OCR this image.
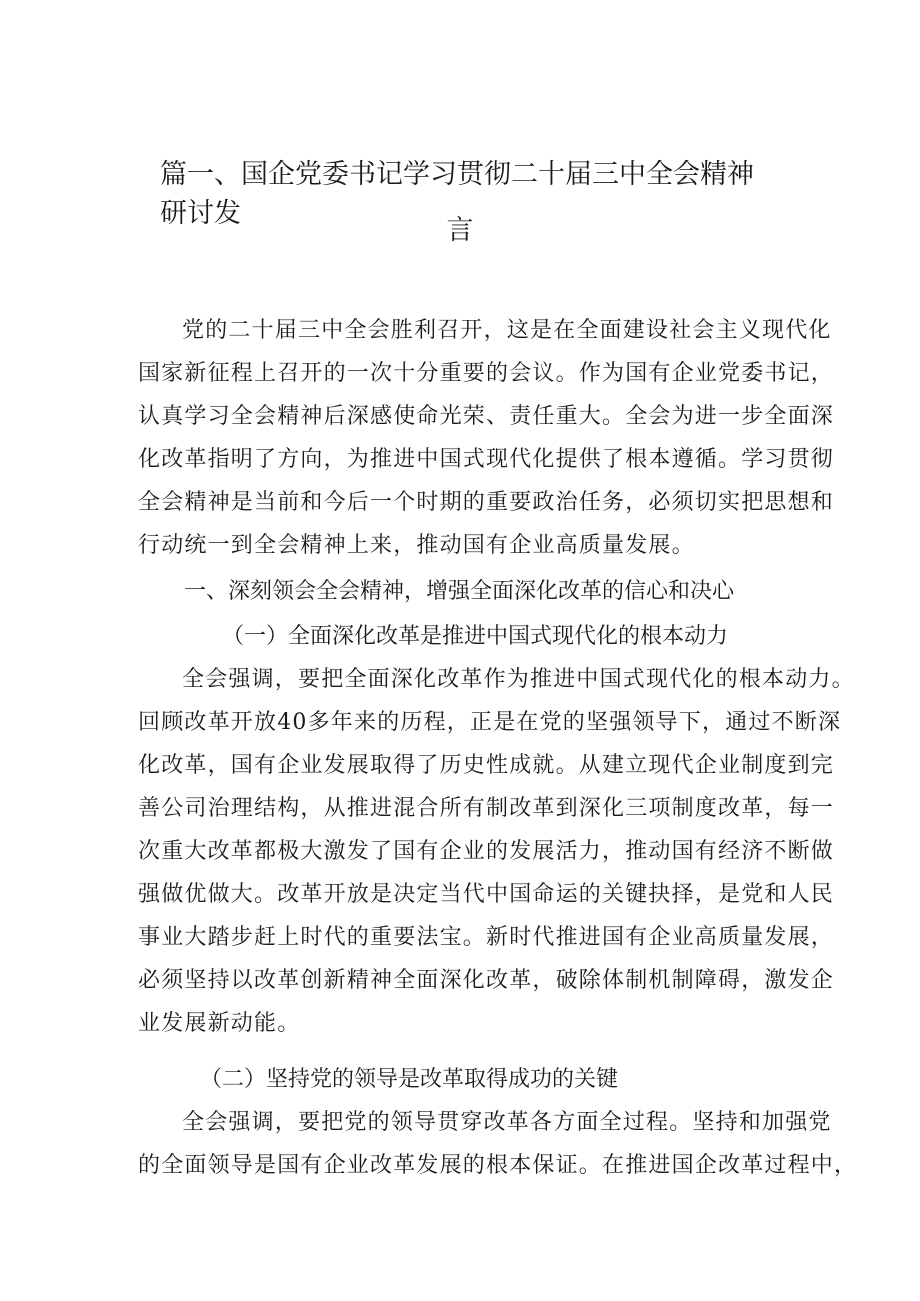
篇一、国企党委书记学习贯彻二十届三中全会精神研讨发
言

党的二十届三中全会胜利召开，这是在全面建设社会主义现代化

国家新征程上召开的一次十分重要的会议。作为国有企业党委书记，

认真学习全会精神后深感使命光荣、责任重大。全会为进一步全面深

化改革指明了方向，为推进中国式现代化提供了根本遵循。学习贯彻

全会精神是当前和今后一个时期的重要政治任务，必须切实把思想和

行动统一到全会精神上来，推动国有企业高质量发展。

一、深刻领会全会精神，增强全面深化改革的信心和决心

（一）全面深化改革是推进中国式现代化的根本动力

全会强调，要把全面深化改革作为推进中国式现代化的根本动力。

回顾改革开放40多年来的历程，正是在党的坚强领导下，通过不断深

化改革，国有企业发展取得了历史性成就。从建立现代企业制度到完

善公司治理结构，从推进混合所有制改革到深化三项制度改革，每一

次重大改革都极大激发了国有企业的发展活力，推动国有经济不断做

强做优做大。改革开放是决定当代中国命运的关键抉择，是党和人民

事业大踏步赶上时代的重要法宝。新时代推进国有企业高质量发展，

必须坚持以改革创新精神全面深化改革，破除体制机制障碍，激发企

业发展新动能。

（二）坚持党的领导是改革取得成功的关键

全会强调，要把党的领导贯穿改革各方面全过程。坚持和加强党

的全面领导是国有企业改革发展的根本保证。在推进国企改革过程中，
